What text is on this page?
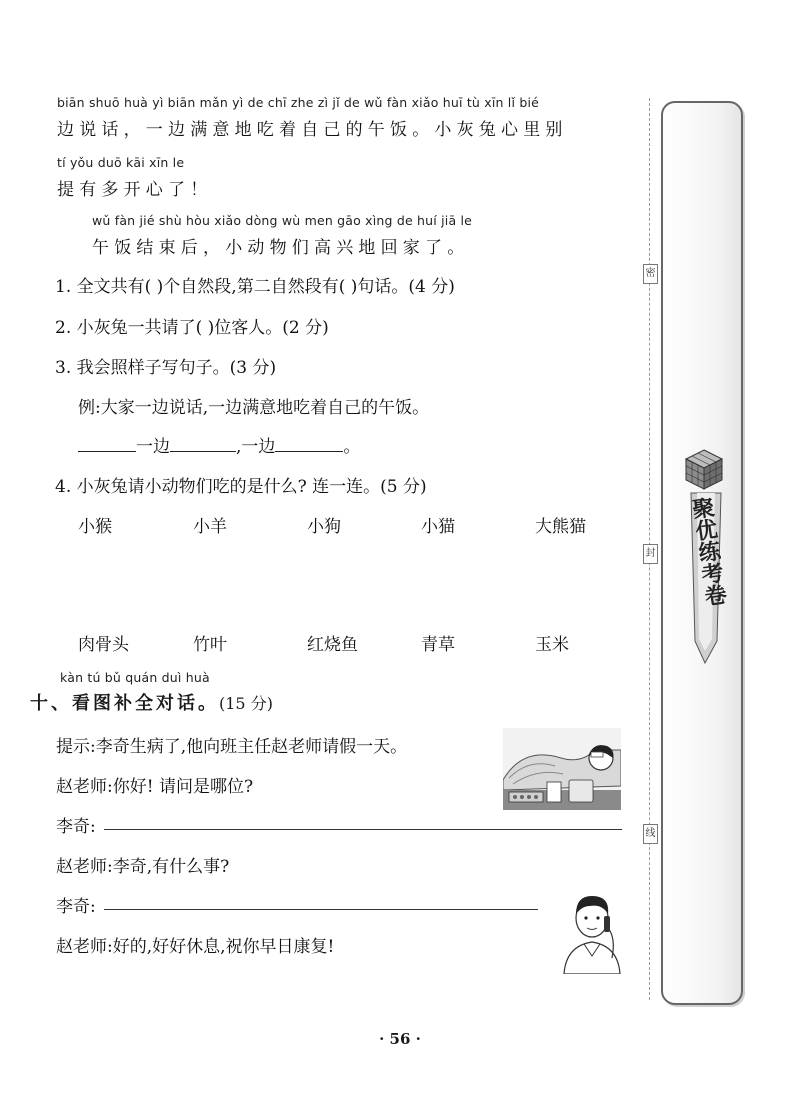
biān shuō huà yì biān mǎn yì de chī zhe zì jǐ de wǔ fàn xiǎo huī tù xīn lǐ bié
边说话，一边满意地吃着自己的午饭。小灰兔心里别
tí yǒu duō kāi xīn le
提有多开心了！
wǔ fàn jié shù hòu xiǎo dòng wù men gāo xìng de huí jiā le
午饭结束后，小动物们高兴地回家了。
1. 全文共有( )个自然段,第二自然段有( )句话。(4 分)
2. 小灰兔一共请了( )位客人。(2 分)
3. 我会照样子写句子。(3 分)
例:大家一边说话,一边满意地吃着自己的午饭。
一边	,一边	。
4. 小灰兔请小动物们吃的是什么? 连一连。(5 分)
小猴	小羊	小狗	小猫	大熊猫
肉骨头	竹叶	红烧鱼	青草	玉米
kàn tú bǔ quán duì huà
十、看图补全对话。(15 分)
提示:李奇生病了,他向班主任赵老师请假一天。
赵老师:你好! 请问是哪位?
李奇:
赵老师:李奇,有什么事?
李奇:
赵老师:好的,好好休息,祝你早日康复!
密
封
线
聚优练考卷
· 56 ·
